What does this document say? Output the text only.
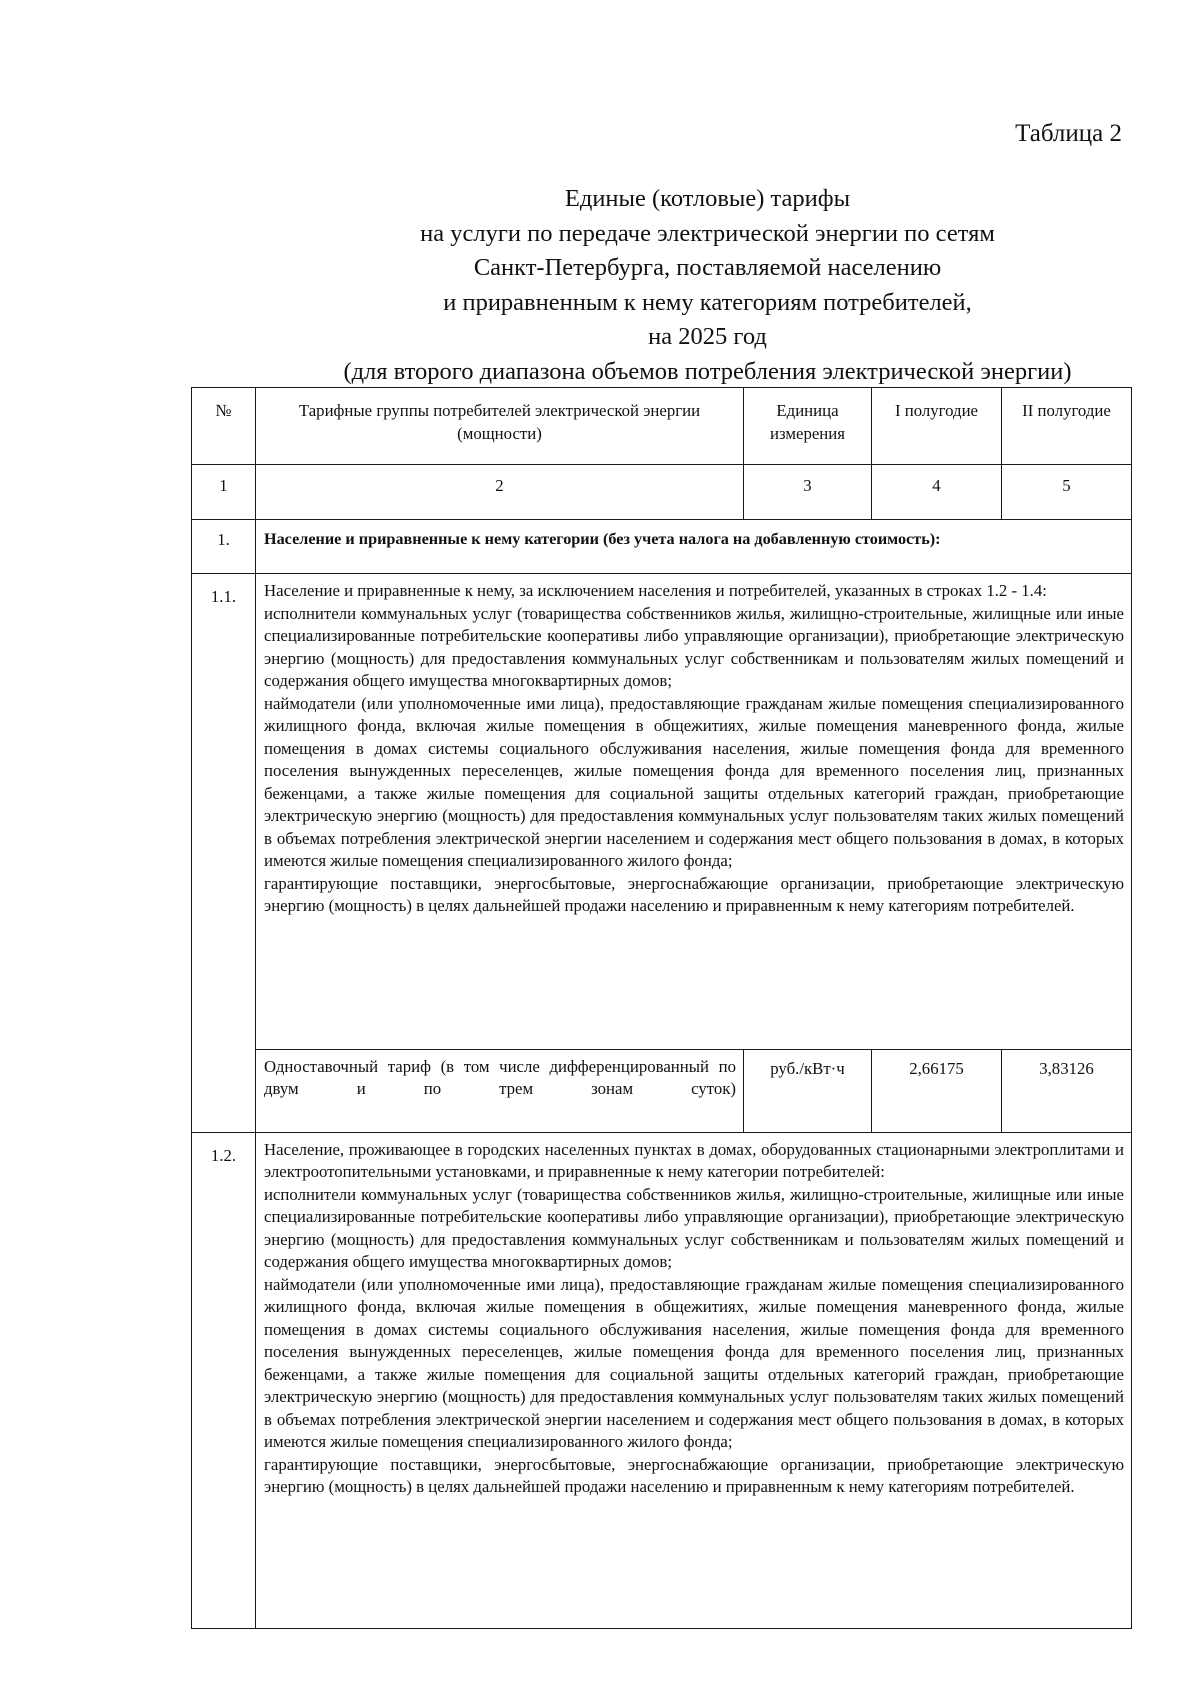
Таблица 2
Единые (котловые) тарифы
на услуги по передаче электрической энергии по сетям
Санкт-Петербурга, поставляемой населению
и приравненным к нему категориям потребителей,
на 2025 год
(для второго диапазона объемов потребления электрической энергии)
№	Тарифные группы потребителей электрической энергии (мощности)	Единица измерения	I полугодие	II полугодие
1	2	3	4	5
1.	Население и приравненные к нему категории (без учета налога на добавленную стоимость):			
1.1.	Население и приравненные к нему, за исключением населения и потребителей, указанных в строках 1.2 - 1.4:
исполнители коммунальных услуг (товарищества собственников жилья, жилищно-строительные, жилищные или иные специализированные потребительские кооперативы либо управляющие организации), приобретающие электрическую энергию (мощность) для предоставления коммунальных услуг собственникам и пользователям жилых помещений и содержания общего имущества многоквартирных домов;
наймодатели (или уполномоченные ими лица), предоставляющие гражданам жилые помещения специализированного жилищного фонда, включая жилые помещения в общежитиях, жилые помещения маневренного фонда, жилые помещения в домах системы социального обслуживания населения, жилые помещения фонда для временного поселения вынужденных переселенцев, жилые помещения фонда для временного поселения лиц, признанных беженцами, а также жилые помещения для социальной защиты отдельных категорий граждан, приобретающие электрическую энергию (мощность) для предоставления коммунальных услуг пользователям таких жилых помещений в объемах потребления электрической энергии населением и содержания мест общего пользования в домах, в которых имеются жилые помещения специализированного жилого фонда;
гарантирующие поставщики, энергосбытовые, энергоснабжающие организации, приобретающие электрическую энергию (мощность) в целях дальнейшей продажи населению и приравненным к нему категориям потребителей.			

	Одноставочный тариф (в том числе дифференцированный по двум и по трем зонам суток)	руб./кВт·ч	2,66175	3,83126
1.2.	Население, проживающее в городских населенных пунктах в домах, оборудованных стационарными электроплитами и электроотопительными установками, и приравненные к нему категории потребителей:
исполнители коммунальных услуг (товарищества собственников жилья, жилищно-строительные, жилищные или иные специализированные потребительские кооперативы либо управляющие организации), приобретающие электрическую энергию (мощность) для предоставления коммунальных услуг собственникам и пользователям жилых помещений и содержания общего имущества многоквартирных домов;
наймодатели (или уполномоченные ими лица), предоставляющие гражданам жилые помещения специализированного жилищного фонда, включая жилые помещения в общежитиях, жилые помещения маневренного фонда, жилые помещения в домах системы социального обслуживания населения, жилые помещения фонда для временного поселения вынужденных переселенцев, жилые помещения фонда для временного поселения лиц, признанных беженцами, а также жилые помещения для социальной защиты отдельных категорий граждан, приобретающие электрическую энергию (мощность) для предоставления коммунальных услуг пользователям таких жилых помещений в объемах потребления электрической энергии населением и содержания мест общего пользования в домах, в которых имеются жилые помещения специализированного жилого фонда;
гарантирующие поставщики, энергосбытовые, энергоснабжающие организации, приобретающие электрическую энергию (мощность) в целях дальнейшей продажи населению и приравненным к нему категориям потребителей.			
